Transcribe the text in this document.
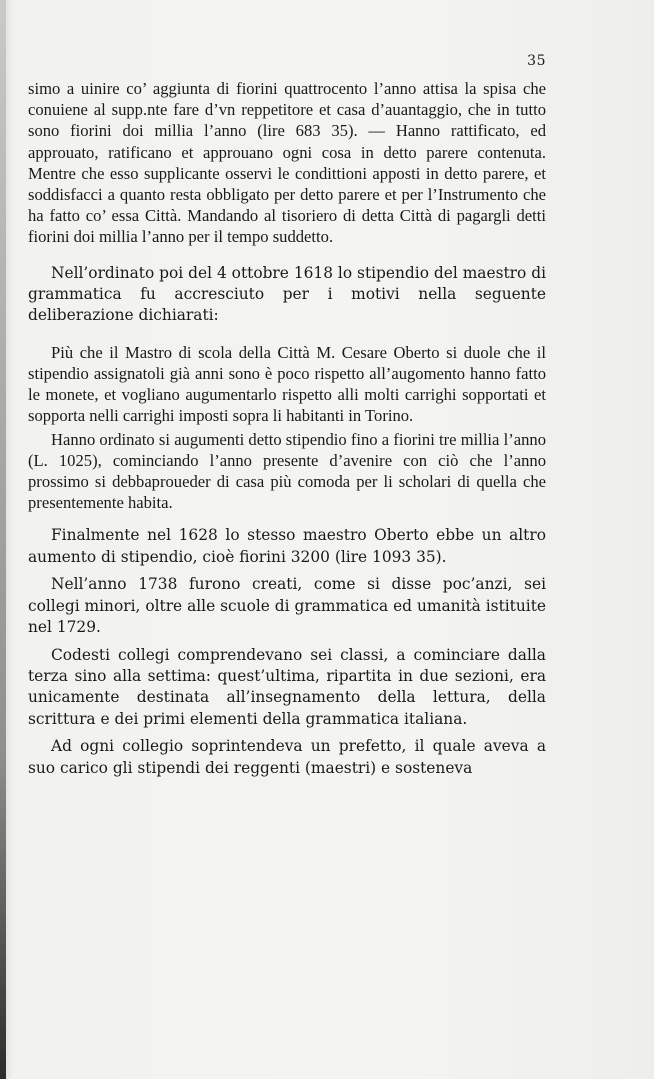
35

simo a uinire co’ aggiunta di fiorini quattrocento l’anno attisa la spisa che conuiene al supp.nte fare d’vn reppetitore et casa d’auantaggio, che in tutto sono fiorini doi millia l’anno (lire 683 35). — Hanno rattificato, ed approuato, ratificano et approuano ogni cosa in detto parere contenuta. Mentre che esso supplicante osservi le condittioni apposti in detto parere, et soddisfacci a quanto resta obbligato per detto parere et per l’Instrumento che ha fatto co’ essa Città. Mandando al tisoriero di detta Città di pagargli detti fiorini doi millia l’anno per il tempo suddetto.

Nell’ordinato poi del 4 ottobre 1618 lo stipendio del maestro di grammatica fu accresciuto per i motivi nella seguente deliberazione dichiarati:

Più che il Mastro di scola della Città M. Cesare Oberto si duole che il stipendio assignatoli già anni sono è poco rispetto all’augomento hanno fatto le monete, et vogliano augumentarlo rispetto alli molti carrighi sopportati et sopporta nelli carrighi imposti sopra li habitanti in Torino.

Hanno ordinato si augumenti detto stipendio fino a fiorini tre millia l’anno (L. 1025), cominciando l’anno presente d’avenire con ciò che l’anno prossimo si debbaproueder di casa più comoda per li scholari di quella che presentemente habita.

Finalmente nel 1628 lo stesso maestro Oberto ebbe un altro aumento di stipendio, cioè fiorini 3200 (lire 1093 35).

Nell’anno 1738 furono creati, come si disse poc’anzi, sei collegi minori, oltre alle scuole di grammatica ed umanità istituite nel 1729.

Codesti collegi comprendevano sei classi, a cominciare dalla terza sino alla settima: quest’ultima, ripartita in due sezioni, era unicamente destinata all’insegnamento della lettura, della scrittura e dei primi elementi della grammatica italiana.

Ad ogni collegio soprintendeva un prefetto, il quale aveva a suo carico gli stipendi dei reggenti (maestri) e sosteneva
